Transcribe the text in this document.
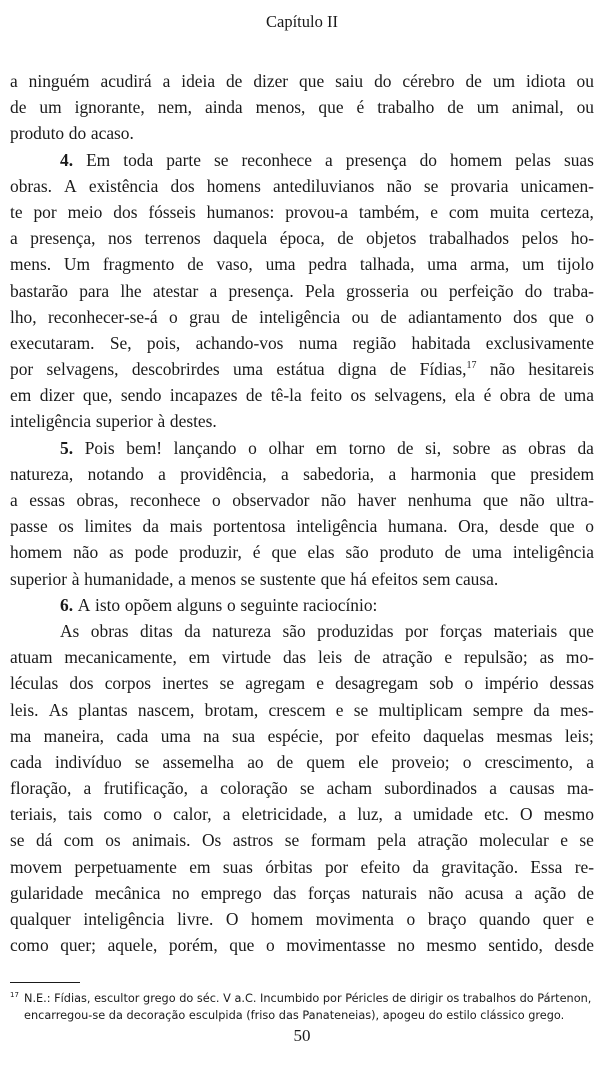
Capítulo II
a ninguém acudirá a ideia de dizer que saiu do cérebro de um idiota ou
de um ignorante, nem, ainda menos, que é trabalho de um animal, ou
produto do acaso.
4. Em toda parte se reconhece a presença do homem pelas suas
obras. A existência dos homens antediluvianos não se provaria unicamen-
te por meio dos fósseis humanos: provou-a também, e com muita certeza,
a presença, nos terrenos daquela época, de objetos trabalhados pelos ho-
mens. Um fragmento de vaso, uma pedra talhada, uma arma, um tijolo
bastarão para lhe atestar a presença. Pela grosseria ou perfeição do traba-
lho, reconhecer-se-á o grau de inteligência ou de adiantamento dos que o
executaram. Se, pois, achando-vos numa região habitada exclusivamente
por selvagens, descobrirdes uma estátua digna de Fídias,$^{17}$ não hesitareis
em dizer que, sendo incapazes de tê-la feito os selvagens, ela é obra de uma
inteligência superior à destes.
5. Pois bem! lançando o olhar em torno de si, sobre as obras da
natureza, notando a providência, a sabedoria, a harmonia que presidem
a essas obras, reconhece o observador não haver nenhuma que não ultra-
passe os limites da mais portentosa inteligência humana. Ora, desde que o
homem não as pode produzir, é que elas são produto de uma inteligência
superior à humanidade, a menos se sustente que há efeitos sem causa.
6. A isto opõem alguns o seguinte raciocínio:
As obras ditas da natureza são produzidas por forças materiais que
atuam mecanicamente, em virtude das leis de atração e repulsão; as mo-
léculas dos corpos inertes se agregam e desagregam sob o império dessas
leis. As plantas nascem, brotam, crescem e se multiplicam sempre da mes-
ma maneira, cada uma na sua espécie, por efeito daquelas mesmas leis;
cada indivíduo se assemelha ao de quem ele proveio; o crescimento, a
floração, a frutificação, a coloração se acham subordinados a causas ma-
teriais, tais como o calor, a eletricidade, a luz, a umidade etc. O mesmo
se dá com os animais. Os astros se formam pela atração molecular e se
movem perpetuamente em suas órbitas por efeito da gravitação. Essa re-
gularidade mecânica no emprego das forças naturais não acusa a ação de
qualquer inteligência livre. O homem movimenta o braço quando quer e
como quer; aquele, porém, que o movimentasse no mesmo sentido, desde
17 N.E.: Fídias, escultor grego do séc. V a.C. Incumbido por Péricles de dirigir os trabalhos do Pártenon,
encarregou-se da decoração esculpida (friso das Panateneias), apogeu do estilo clássico grego.
50
